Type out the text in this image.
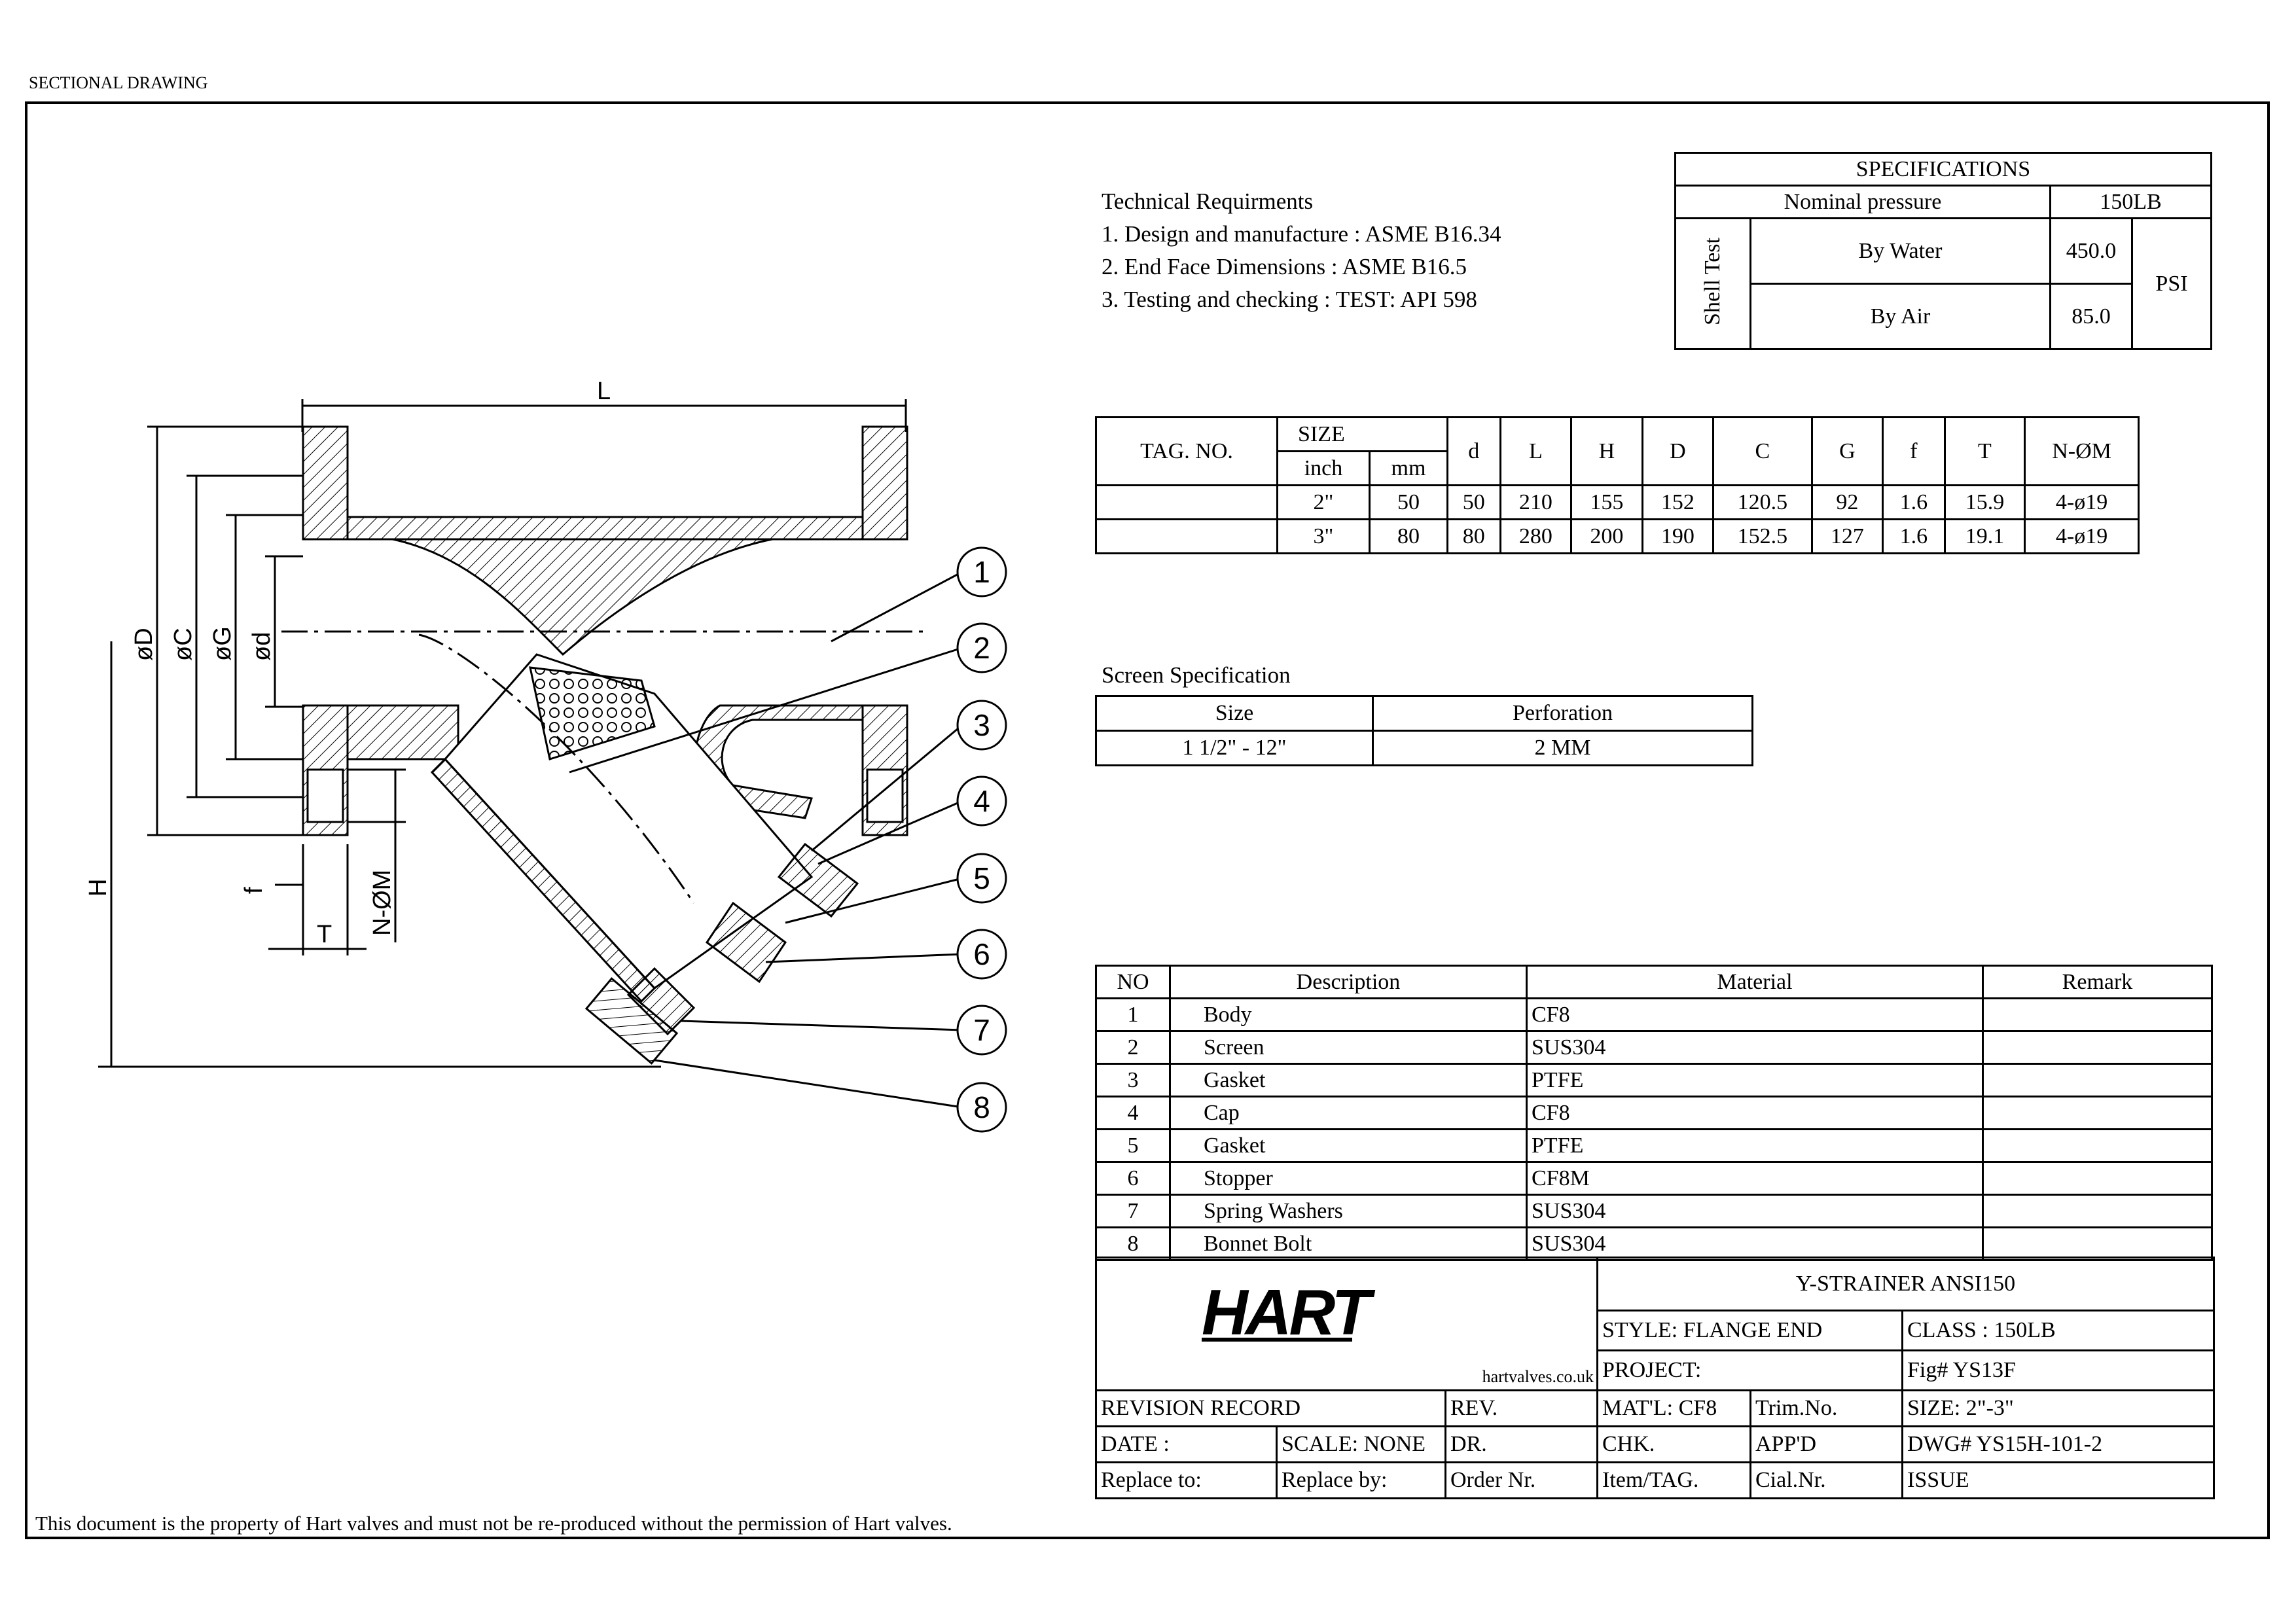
SECTIONAL DRAWING
This document is the property of Hart valves and must not be re-produced without the permission of Hart valves.
1
2
3
4
5
6
7
8
L
øD øC øG ød
H	f
T N-ØM
Technical Requirments
1. Design and manufacture : ASME B16.34
2. End Face Dimensions : ASME B16.5
3. Testing and checking : TEST: API 598
SPECIFICATIONS			
Nominal pressure		150LB	
Shell Test	By Water	450.0	PSI
	By Air	85.0	
TAG. NO.	SIZE		d	L	H	D	C	G	f	T	N-ØM
	inch	mm									
	2"	50	50	210	155	152	120.5	92	1.6	15.9	4-ø19
	3"	80	80	280	200	190	152.5	127	1.6	19.1	4-ø19
Screen Specification
Size	Perforation
1 1/2" - 12"	2 MM
NO	Description	Material	Remark
1	Body	CF8	
2	Screen	SUS304	
3	Gasket	PTFE	
4	Cap	CF8	
5	Gasket	PTFE	
6	Stopper	CF8M	
7	Spring Washers	SUS304	
8	Bonnet Bolt	SUS304	
HART
hartvalves.co.uk			Y-STRAINER ANSI150		
			STYLE: FLANGE END		CLASS : 150LB
			PROJECT:		Fig# YS13F
REVISION RECORD		REV.	MAT'L: CF8	Trim.No.	SIZE: 2"-3"
DATE :	SCALE: NONE	DR.	CHK.	APP'D	DWG# YS15H-101-2
Replace to:	Replace by:	Order Nr.	Item/TAG.	Cial.Nr.	ISSUE
